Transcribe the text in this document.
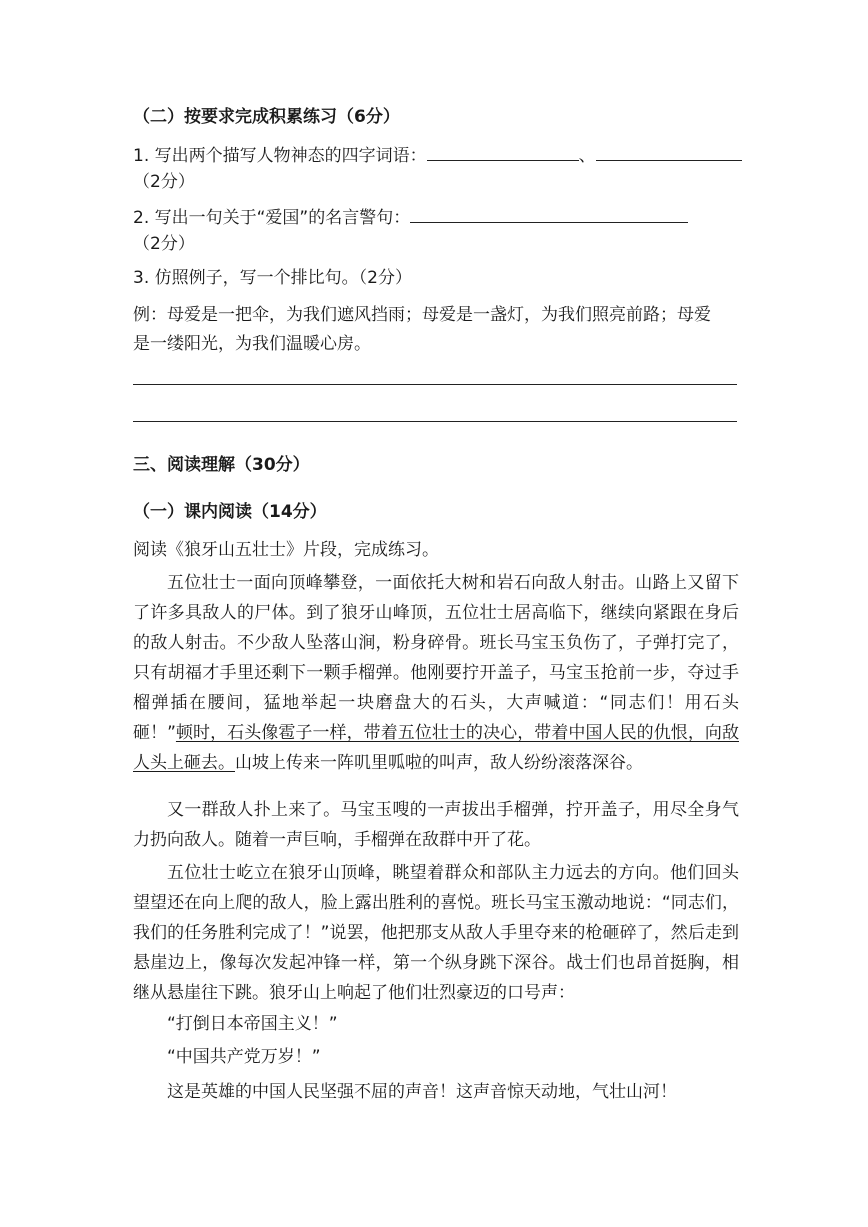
（二）按要求完成积累练习（6分）
1. 写出两个描写人物神态的四字词语：	、
（2分）
2. 写出一句关于“爱国”的名言警句：
（2分）
3. 仿照例子，写一个排比句。（2分）
例：母爱是一把伞，为我们遮风挡雨；母爱是一盏灯，为我们照亮前路；母爱
是一缕阳光，为我们温暖心房。
三、阅读理解（30分）
（一）课内阅读（14分）
阅读《狼牙山五壮士》片段，完成练习。
五位壮士一面向顶峰攀登，一面依托大树和岩石向敌人射击。山路上又留下了许多具敌人的尸体。到了狼牙山峰顶，五位壮士居高临下，继续向紧跟在身后的敌人射击。不少敌人坠落山涧，粉身碎骨。班长马宝玉负伤了，子弹打完了，只有胡福才手里还剩下一颗手榴弹。他刚要拧开盖子，马宝玉抢前一步，夺过手榴弹插在腰间，猛地举起一块磨盘大的石头，大声喊道：“同志们！用石头砸！”顿时，石头像雹子一样，带着五位壮士的决心，带着中国人民的仇恨，向敌人头上砸去。山坡上传来一阵叽里呱啦的叫声，敌人纷纷滚落深谷。
又一群敌人扑上来了。马宝玉嗖的一声拔出手榴弹，拧开盖子，用尽全身气力扔向敌人。随着一声巨响，手榴弹在敌群中开了花。
五位壮士屹立在狼牙山顶峰，眺望着群众和部队主力远去的方向。他们回头望望还在向上爬的敌人，脸上露出胜利的喜悦。班长马宝玉激动地说：“同志们，我们的任务胜利完成了！”说罢，他把那支从敌人手里夺来的枪砸碎了，然后走到悬崖边上，像每次发起冲锋一样，第一个纵身跳下深谷。战士们也昂首挺胸，相继从悬崖往下跳。狼牙山上响起了他们壮烈豪迈的口号声：
“打倒日本帝国主义！”
“中国共产党万岁！”
这是英雄的中国人民坚强不屈的声音！这声音惊天动地，气壮山河！
